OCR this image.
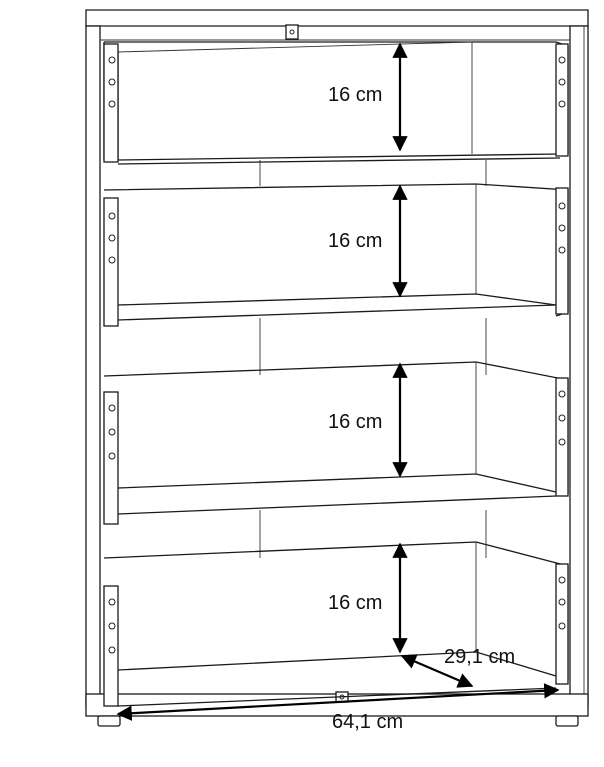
16 cm
16 cm
16 cm
16 cm
29,1 cm
64,1 cm
